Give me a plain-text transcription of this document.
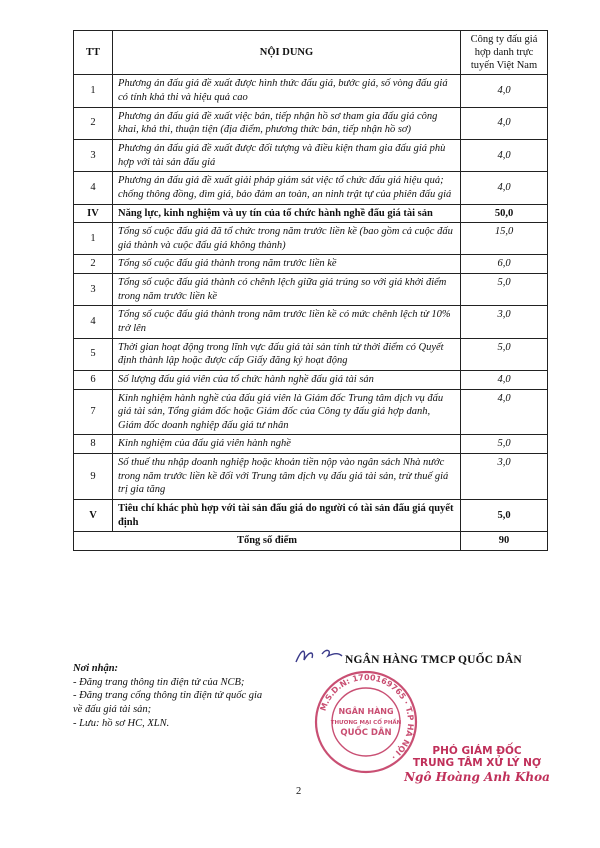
TT	NỘI DUNG	Công ty đấu giá hợp danh trực tuyến Việt Nam
1	Phương án đấu giá đề xuất được hình thức đấu giá, bước giá, số vòng đấu giá có tính khả thi và hiệu quả cao	4,0
2	Phương án đấu giá đề xuất việc bán, tiếp nhận hồ sơ tham gia đấu giá công khai, khả thi, thuận tiện (địa điểm, phương thức bán, tiếp nhận hồ sơ)	4,0
3	Phương án đấu giá đề xuất được đối tượng và điều kiện tham gia đấu giá phù hợp với tài sản đấu giá	4,0
4	Phương án đấu giá đề xuất giải pháp giám sát việc tổ chức đấu giá hiệu quả; chống thông đồng, dìm giá, bảo đảm an toàn, an ninh trật tự của phiên đấu giá	4,0
IV	Năng lực, kinh nghiệm và uy tín của tổ chức hành nghề đấu giá tài sản	50,0
1	Tổng số cuộc đấu giá đã tổ chức trong năm trước liền kề (bao gồm cả cuộc đấu giá thành và cuộc đấu giá không thành)	15,0
2	Tổng số cuộc đấu giá thành trong năm trước liền kề	6,0
3	Tổng số cuộc đấu giá thành có chênh lệch giữa giá trúng so với giá khởi điểm trong năm trước liền kề	5,0
4	Tổng số cuộc đấu giá thành trong năm trước liền kề có mức chênh lệch từ 10% trở lên	3,0
5	Thời gian hoạt động trong lĩnh vực đấu giá tài sản tính từ thời điểm có Quyết định thành lập hoặc được cấp Giấy đăng ký hoạt động	5,0
6	Số lượng đấu giá viên của tổ chức hành nghề đấu giá tài sản	4,0
7	Kinh nghiệm hành nghề của đấu giá viên là Giám đốc Trung tâm dịch vụ đấu giá tài sản, Tổng giám đốc hoặc Giám đốc của Công ty đấu giá hợp danh, Giám đốc doanh nghiệp đấu giá tư nhân	4,0
8	Kinh nghiệm của đấu giá viên hành nghề	5,0
9	Số thuế thu nhập doanh nghiệp hoặc khoản tiền nộp vào ngân sách Nhà nước trong năm trước liền kề đối với Trung tâm dịch vụ đấu giá tài sản, trừ thuế giá trị gia tăng	3,0
V	Tiêu chí khác phù hợp với tài sản đấu giá do người có tài sản đấu giá quyết định	5,0
Tổng số điểm		90
Nơi nhận:
- Đăng trang thông tin điện tử của NCB;
- Đăng trang cổng thông tin điện tử quốc gia về đấu giá tài sản;
- Lưu: hồ sơ HC, XLN.
NGÂN HÀNG TMCP QUỐC DÂN
M.S.D.N: 1700169765 · T.P HÀ NỘI ·
NGÂN HÀNG
THƯƠNG MẠI CỔ PHẦN
QUỐC DÂN
PHÓ GIÁM ĐỐC
TRUNG TÂM XỬ LÝ NỢ
Ngô Hoàng Anh Khoa
2
